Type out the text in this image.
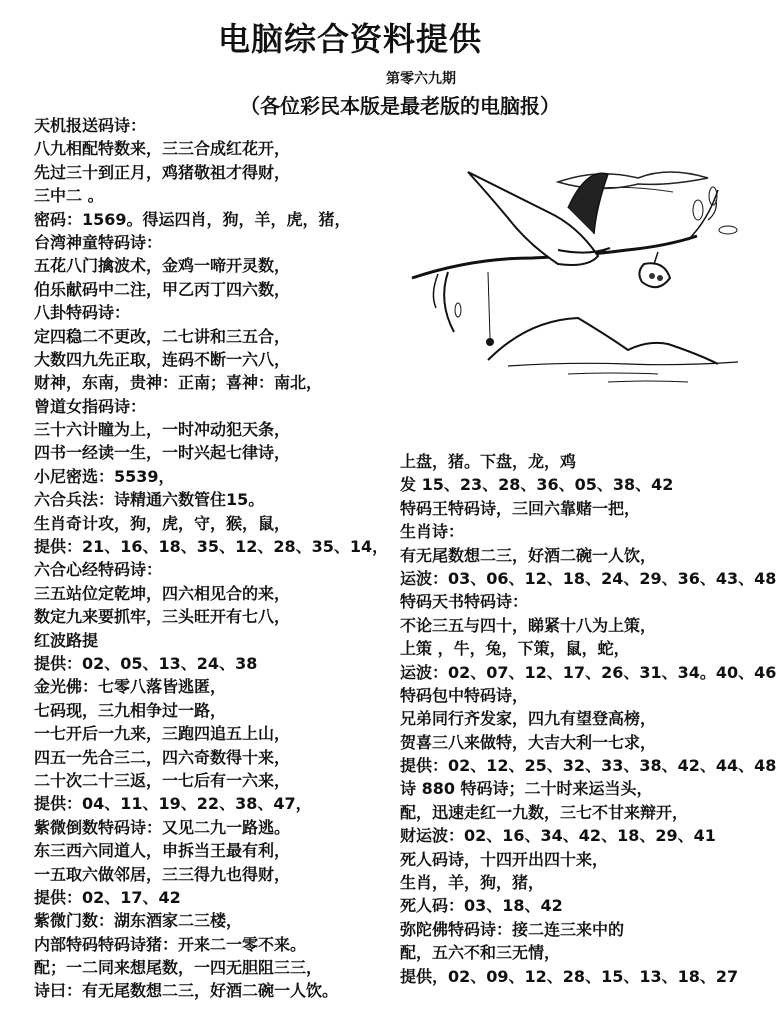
电脑综合资料提供
第零六九期
（各位彩民本版是最老版的电脑报）
天机报送码诗：
八九相配特数来，三三合成红花开，
先过三十到正月，鸡猪敬祖才得财，
三中二 。
密码：1569。得运四肖，狗，羊，虎，猪，
台湾神童特码诗：
五花八门擒波术，金鸡一啼开灵数，
伯乐献码中二注，甲乙丙丁四六数，
八卦特码诗：
定四稳二不更改，二七讲和三五合，
大数四九先正取，连码不断一六八，
财神，东南，贵神：正南；喜神：南北，
曾道女指码诗：
三十六计瞳为上，一时冲动犯天条，
四书一经读一生，一时兴起七律诗，
小尼密选：5539，
六合兵法：诗精通六数管住15。
生肖奇计攻，狗，虎，守，猴，鼠，
提供：21、16、18、35、12、28、35、14，
六合心经特码诗：
三五站位定乾坤，四六相见合的来，
数定九来要抓牢，三头旺开有七八，
红波路提
提供：02、05、13、24、38
金光佛：七零八落皆逃匿，
七码现，三九相争过一路，
一七开后一九来，三跑四追五上山，
四五一先合三二，四六奇数得十来，
二十次二十三返，一七后有一六来，
提供：04、11、19、22、38、47，
紫微倒数特码诗：又见二九一路逃。
东三西六同道人，申拆当王最有利，
一五取六做邻居，三三得九也得财，
提供：02、17、42
紫微门数：湖东酒家二三楼，
内部特码特码诗猪：开来二一零不来。
配；一二同来想尾数，一四无胆阻三三，
诗曰：有无尾数想二三，好酒二碗一人饮。
上盘，猪。下盘，龙，鸡
发 15、23、28、36、05、38、42
特码王特码诗，三回六靠赌一把，
生肖诗：
有无尾数想二三，好酒二碗一人饮，
运波：03、06、12、18、24、29、36、43、48
特码天书特码诗：
不论三五与四十，睇紧十八为上策，
上策 ，牛，兔，下策，鼠，蛇，
运波：02、07、12、17、26、31、34。40、46
特码包中特码诗，
兄弟同行齐发家，四九有望登高榜，
贺喜三八来做特，大吉大利一七求，
提供：02、12、25、32、33、38、42、44、48
诗 880 特码诗；二十时来运当头，
配，迅速走红一九数，三七不甘来辩开，
财运波：02、16、34、42、18、29、41
死人码诗，十四开出四十来，
生肖，羊，狗，猪，
死人码：03、18、42
弥陀佛特码诗：接二连三来中的
配，五六不和三无情，
提供，02、09、12、28、15、13、18、27
